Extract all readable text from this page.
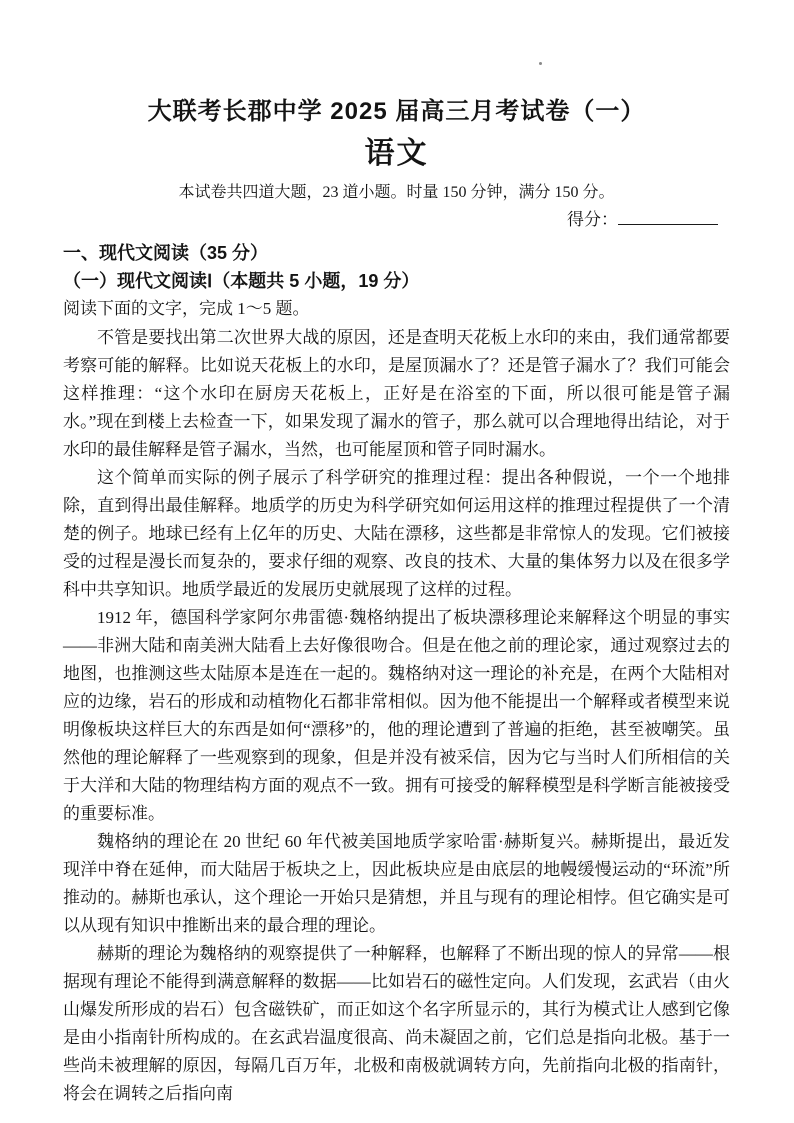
大联考长郡中学 2025 届高三月考试卷（一）
语文

本试卷共四道大题，23 道小题。时量 150 分钟，满分 150 分。

得分：
一、现代文阅读（35 分）
（一）现代文阅读Ⅰ（本题共 5 小题，19 分）

阅读下面的文字，完成 1～5 题。

不管是要找出第二次世界大战的原因，还是查明天花板上水印的来由，我们通常都要考察可能的解释。比如说天花板上的水印，是屋顶漏水了？还是管子漏水了？我们可能会这样推理：“这个水印在厨房天花板上，正好是在浴室的下面，所以很可能是管子漏水。”现在到楼上去检查一下，如果发现了漏水的管子，那么就可以合理地得出结论，对于水印的最佳解释是管子漏水，当然，也可能屋顶和管子同时漏水。

这个简单而实际的例子展示了科学研究的推理过程：提出各种假说，一个一个地排除，直到得出最佳解释。地质学的历史为科学研究如何运用这样的推理过程提供了一个清楚的例子。地球已经有上亿年的历史、大陆在漂移，这些都是非常惊人的发现。它们被接受的过程是漫长而复杂的，要求仔细的观察、改良的技术、大量的集体努力以及在很多学科中共享知识。地质学最近的发展历史就展现了这样的过程。

1912 年，德国科学家阿尔弗雷德·魏格纳提出了板块漂移理论来解释这个明显的事实——非洲大陆和南美洲大陆看上去好像很吻合。但是在他之前的理论家，通过观察过去的地图，也推测这些太陆原本是连在一起的。魏格纳对这一理论的补充是，在两个大陆相对应的边缘，岩石的形成和动植物化石都非常相似。因为他不能提出一个解释或者模型来说明像板块这样巨大的东西是如何“漂移”的，他的理论遭到了普遍的拒绝，甚至被嘲笑。虽然他的理论解释了一些观察到的现象，但是并没有被采信，因为它与当时人们所相信的关于大洋和大陆的物理结构方面的观点不一致。拥有可接受的解释模型是科学断言能被接受的重要标准。

魏格纳的理论在 20 世纪 60 年代被美国地质学家哈雷·赫斯复兴。赫斯提出，最近发现洋中脊在延伸，而大陆居于板块之上，因此板块应是由底层的地幔缓慢运动的“环流”所推动的。赫斯也承认，这个理论一开始只是猜想，并且与现有的理论相悖。但它确实是可以从现有知识中推断出来的最合理的理论。

赫斯的理论为魏格纳的观察提供了一种解释，也解释了不断出现的惊人的异常——根据现有理论不能得到满意解释的数据——比如岩石的磁性定向。人们发现，玄武岩（由火山爆发所形成的岩石）包含磁铁矿，而正如这个名字所显示的，其行为模式让人感到它像是由小指南针所构成的。在玄武岩温度很高、尚未凝固之前，它们总是指向北极。基于一些尚未被理解的原因，每隔几百万年，北极和南极就调转方向，先前指向北极的指南针，将会在调转之后指向南
